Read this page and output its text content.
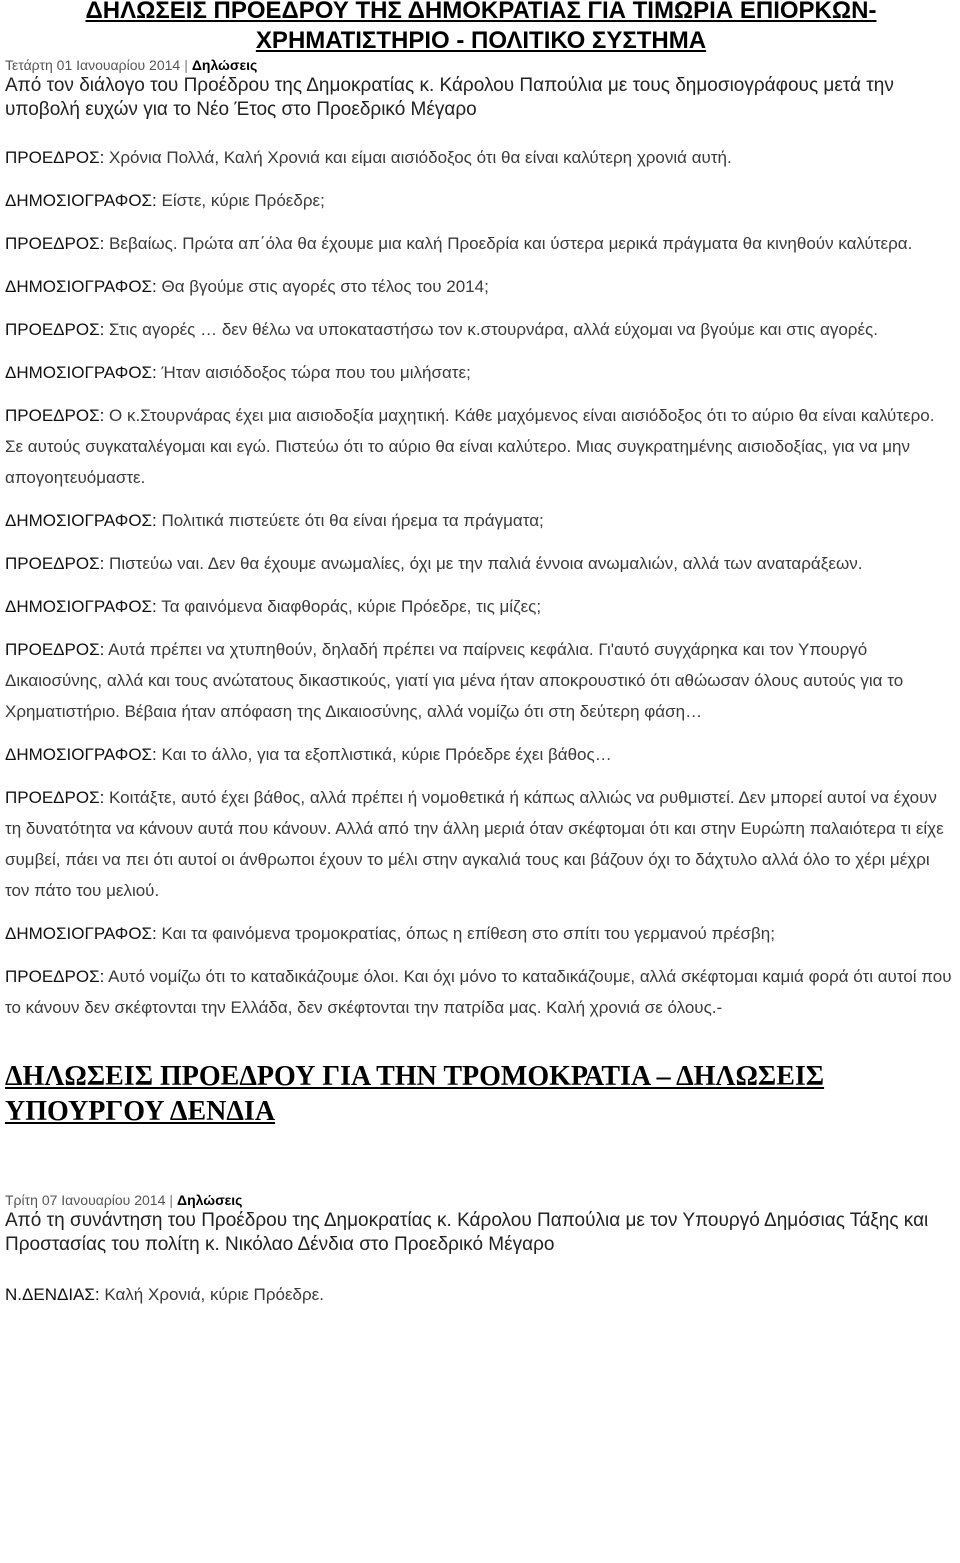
ΔΗΛΩΣΕΙΣ ΠΡΟΕΔΡΟΥ ΤΗΣ ΔΗΜΟΚΡΑΤΙΑΣ ΓΙΑ ΤΙΜΩΡΙΑ ΕΠΙΟΡΚΩΝ- ΧΡΗΜΑΤΙΣΤΗΡΙΟ - ΠΟΛΙΤΙΚΟ ΣΥΣΤΗΜΑ
Τετάρτη 01 Ιανουαρίου 2014 | Δηλώσεις

Από τον διάλογο του Προέδρου της Δημοκρατίας κ. Κάρολου Παπούλια με τους δημοσιογράφους μετά την υποβολή ευχών για το Νέο Έτος στο Προεδρικό Μέγαρο

ΠΡΟΕΔΡΟΣ: Χρόνια Πολλά, Καλή Χρονιά και είμαι αισιόδοξος ότι θα είναι καλύτερη χρονιά αυτή.

ΔΗΜΟΣΙΟΓΡΑΦΟΣ: Είστε, κύριε Πρόεδρε;

ΠΡΟΕΔΡΟΣ: Βεβαίως. Πρώτα απ΄όλα θα έχουμε μια καλή Προεδρία και ύστερα μερικά πράγματα θα κινηθούν καλύτερα.

ΔΗΜΟΣΙΟΓΡΑΦΟΣ: Θα βγούμε στις αγορές στο τέλος του 2014;

ΠΡΟΕΔΡΟΣ: Στις αγορές … δεν θέλω να υποκαταστήσω τον κ.στουρνάρα, αλλά εύχομαι να βγούμε και στις αγορές.

ΔΗΜΟΣΙΟΓΡΑΦΟΣ: Ήταν αισιόδοξος τώρα που του μιλήσατε;

ΠΡΟΕΔΡΟΣ: Ο κ.Στουρνάρας έχει μια αισιοδοξία μαχητική. Κάθε μαχόμενος είναι αισιόδοξος ότι το αύριο θα είναι καλύτερο. Σε αυτούς συγκαταλέγομαι και εγώ. Πιστεύω ότι το αύριο θα είναι καλύτερο. Μιας συγκρατημένης αισιοδοξίας, για να μην απογοητευόμαστε.

ΔΗΜΟΣΙΟΓΡΑΦΟΣ: Πολιτικά πιστεύετε ότι θα είναι ήρεμα τα πράγματα;

ΠΡΟΕΔΡΟΣ: Πιστεύω ναι. Δεν θα έχουμε ανωμαλίες, όχι με την παλιά έννοια ανωμαλιών, αλλά των αναταράξεων.

ΔΗΜΟΣΙΟΓΡΑΦΟΣ: Τα φαινόμενα διαφθοράς, κύριε Πρόεδρε, τις μίζες;

ΠΡΟΕΔΡΟΣ: Αυτά πρέπει να χτυπηθούν, δηλαδή πρέπει να παίρνεις κεφάλια. Γι'αυτό συγχάρηκα και τον Υπουργό Δικαιοσύνης, αλλά και τους ανώτατους δικαστικούς, γιατί για μένα ήταν αποκρουστικό ότι αθώωσαν όλους αυτούς για το Χρηματιστήριο. Βέβαια ήταν απόφαση της Δικαιοσύνης, αλλά νομίζω ότι στη δεύτερη φάση…

ΔΗΜΟΣΙΟΓΡΑΦΟΣ: Και το άλλο, για τα εξοπλιστικά, κύριε Πρόεδρε έχει βάθος…

ΠΡΟΕΔΡΟΣ: Κοιτάξτε, αυτό έχει βάθος, αλλά πρέπει ή νομοθετικά ή κάπως αλλιώς να ρυθμιστεί. Δεν μπορεί αυτοί να έχουν τη δυνατότητα να κάνουν αυτά που κάνουν. Αλλά από την άλλη μεριά όταν σκέφτομαι ότι και στην Ευρώπη παλαιότερα τι είχε συμβεί, πάει να πει ότι αυτοί οι άνθρωποι έχουν το μέλι στην αγκαλιά τους και βάζουν όχι το δάχτυλο αλλά όλο το χέρι μέχρι τον πάτο του μελιού.

ΔΗΜΟΣΙΟΓΡΑΦΟΣ: Και τα φαινόμενα τρομοκρατίας, όπως η επίθεση στο σπίτι του γερμανού πρέσβη;

ΠΡΟΕΔΡΟΣ: Αυτό νομίζω ότι το καταδικάζουμε όλοι. Και όχι μόνο το καταδικάζουμε, αλλά σκέφτομαι καμιά φορά ότι αυτοί που το κάνουν δεν σκέφτονται την Ελλάδα, δεν σκέφτονται την πατρίδα μας. Καλή χρονιά σε όλους.-

ΔΗΛΩΣΕΙΣ ΠΡΟΕΔΡΟΥ ΓΙΑ ΤΗΝ ΤΡΟΜΟΚΡΑΤΙΑ – ΔΗΛΩΣΕΙΣ ΥΠΟΥΡΓΟΥ ΔΕΝΔΙΑ
Τρίτη 07 Ιανουαρίου 2014 | Δηλώσεις

Από τη συνάντηση του Προέδρου της Δημοκρατίας κ. Κάρολου Παπούλια με τον Υπουργό Δημόσιας Τάξης και Προστασίας του πολίτη κ. Νικόλαο Δένδια στο Προεδρικό Μέγαρο

Ν.ΔΕΝΔΙΑΣ: Καλή Χρονιά, κύριε Πρόεδρε.
